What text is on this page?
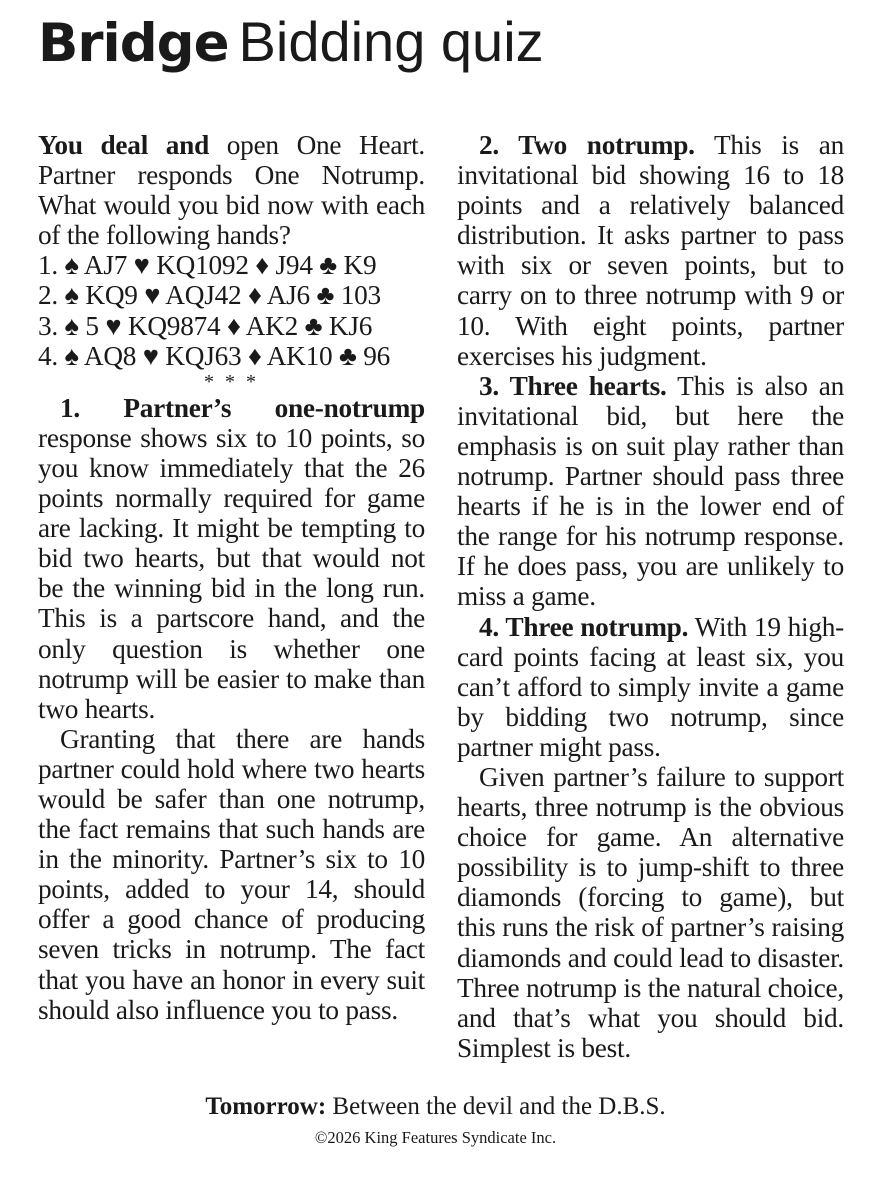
Bridge Bidding quiz

You deal and open One Heart. Partner responds One Notrump. What would you bid now with each of the following hands?

1. ♠ AJ7 ♥ KQ1092 ♦ J94 ♣ K9

2. ♠ KQ9 ♥ AQJ42 ♦ AJ6 ♣ 103

3. ♠ 5 ♥ KQ9874 ♦ AK2 ♣ KJ6

4. ♠ AQ8 ♥ KQJ63 ♦ AK10 ♣ 96

* * *

1. Partner’s one-notrump response shows six to 10 points, so you know immediately that the 26 points normally required for game are lacking. It might be tempting to bid two hearts, but that would not be the winning bid in the long run. This is a partscore hand, and the only question is whether one notrump will be easier to make than two hearts.

Granting that there are hands partner could hold where two hearts would be safer than one notrump, the fact remains that such hands are in the minority. Partner’s six to 10 points, added to your 14, should offer a good chance of producing seven tricks in notrump. The fact that you have an honor in every suit should also influence you to pass.

2. Two notrump. This is an invitational bid showing 16 to 18 points and a relatively balanced distribution. It asks partner to pass with six or seven points, but to carry on to three notrump with 9 or 10. With eight points, partner exercises his judgment.

3. Three hearts. This is also an invitational bid, but here the emphasis is on suit play rather than notrump. Partner should pass three hearts if he is in the lower end of the range for his notrump response. If he does pass, you are unlikely to miss a game.

4. Three notrump. With 19 high-card points facing at least six, you can’t afford to simply invite a game by bidding two notrump, since partner might pass.

Given partner’s failure to support hearts, three notrump is the obvious choice for game. An alternative possibility is to jump-shift to three diamonds (forcing to game), but this runs the risk of partner’s raising diamonds and could lead to disaster. Three notrump is the natural choice, and that’s what you should bid. Simplest is best.

Tomorrow: Between the devil and the D.B.S.
©2026 King Features Syndicate Inc.
